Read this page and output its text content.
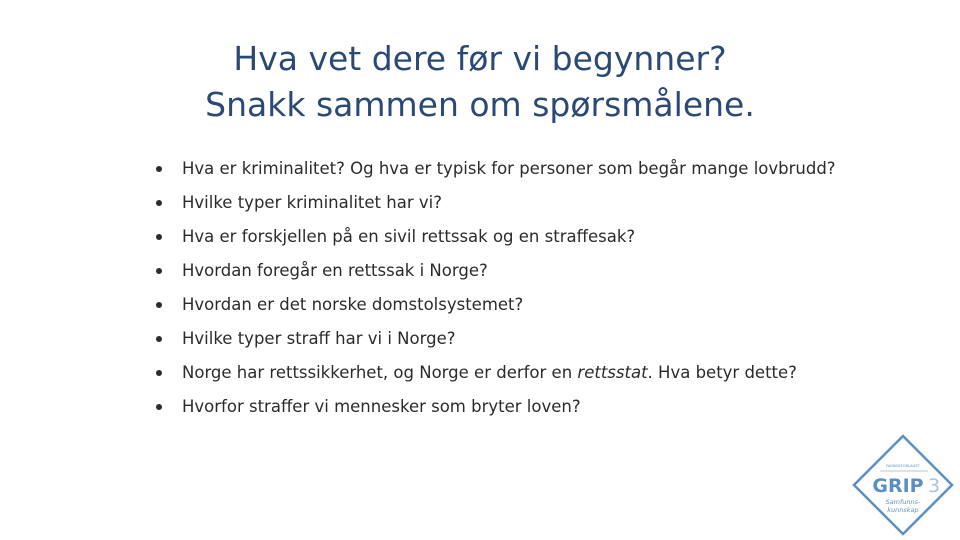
Hva vet dere før vi begynner?
Snakk sammen om spørsmålene.
Hva er kriminalitet? Og hva er typisk for personer som begår mange lovbrudd?
Hvilke typer kriminalitet har vi?
Hva er forskjellen på en sivil rettssak og en straffesak?
Hvordan foregår en rettssak i Norge?
Hvordan er det norske domstolsystemet?
Hvilke typer straff har vi i Norge?
Norge har rettssikkerhet, og Norge er derfor en rettsstat. Hva betyr dette?
Hvorfor straffer vi mennesker som bryter loven?
FAGBOKFORLAGET
GRIP 3
Samfunns-
kunnskap
